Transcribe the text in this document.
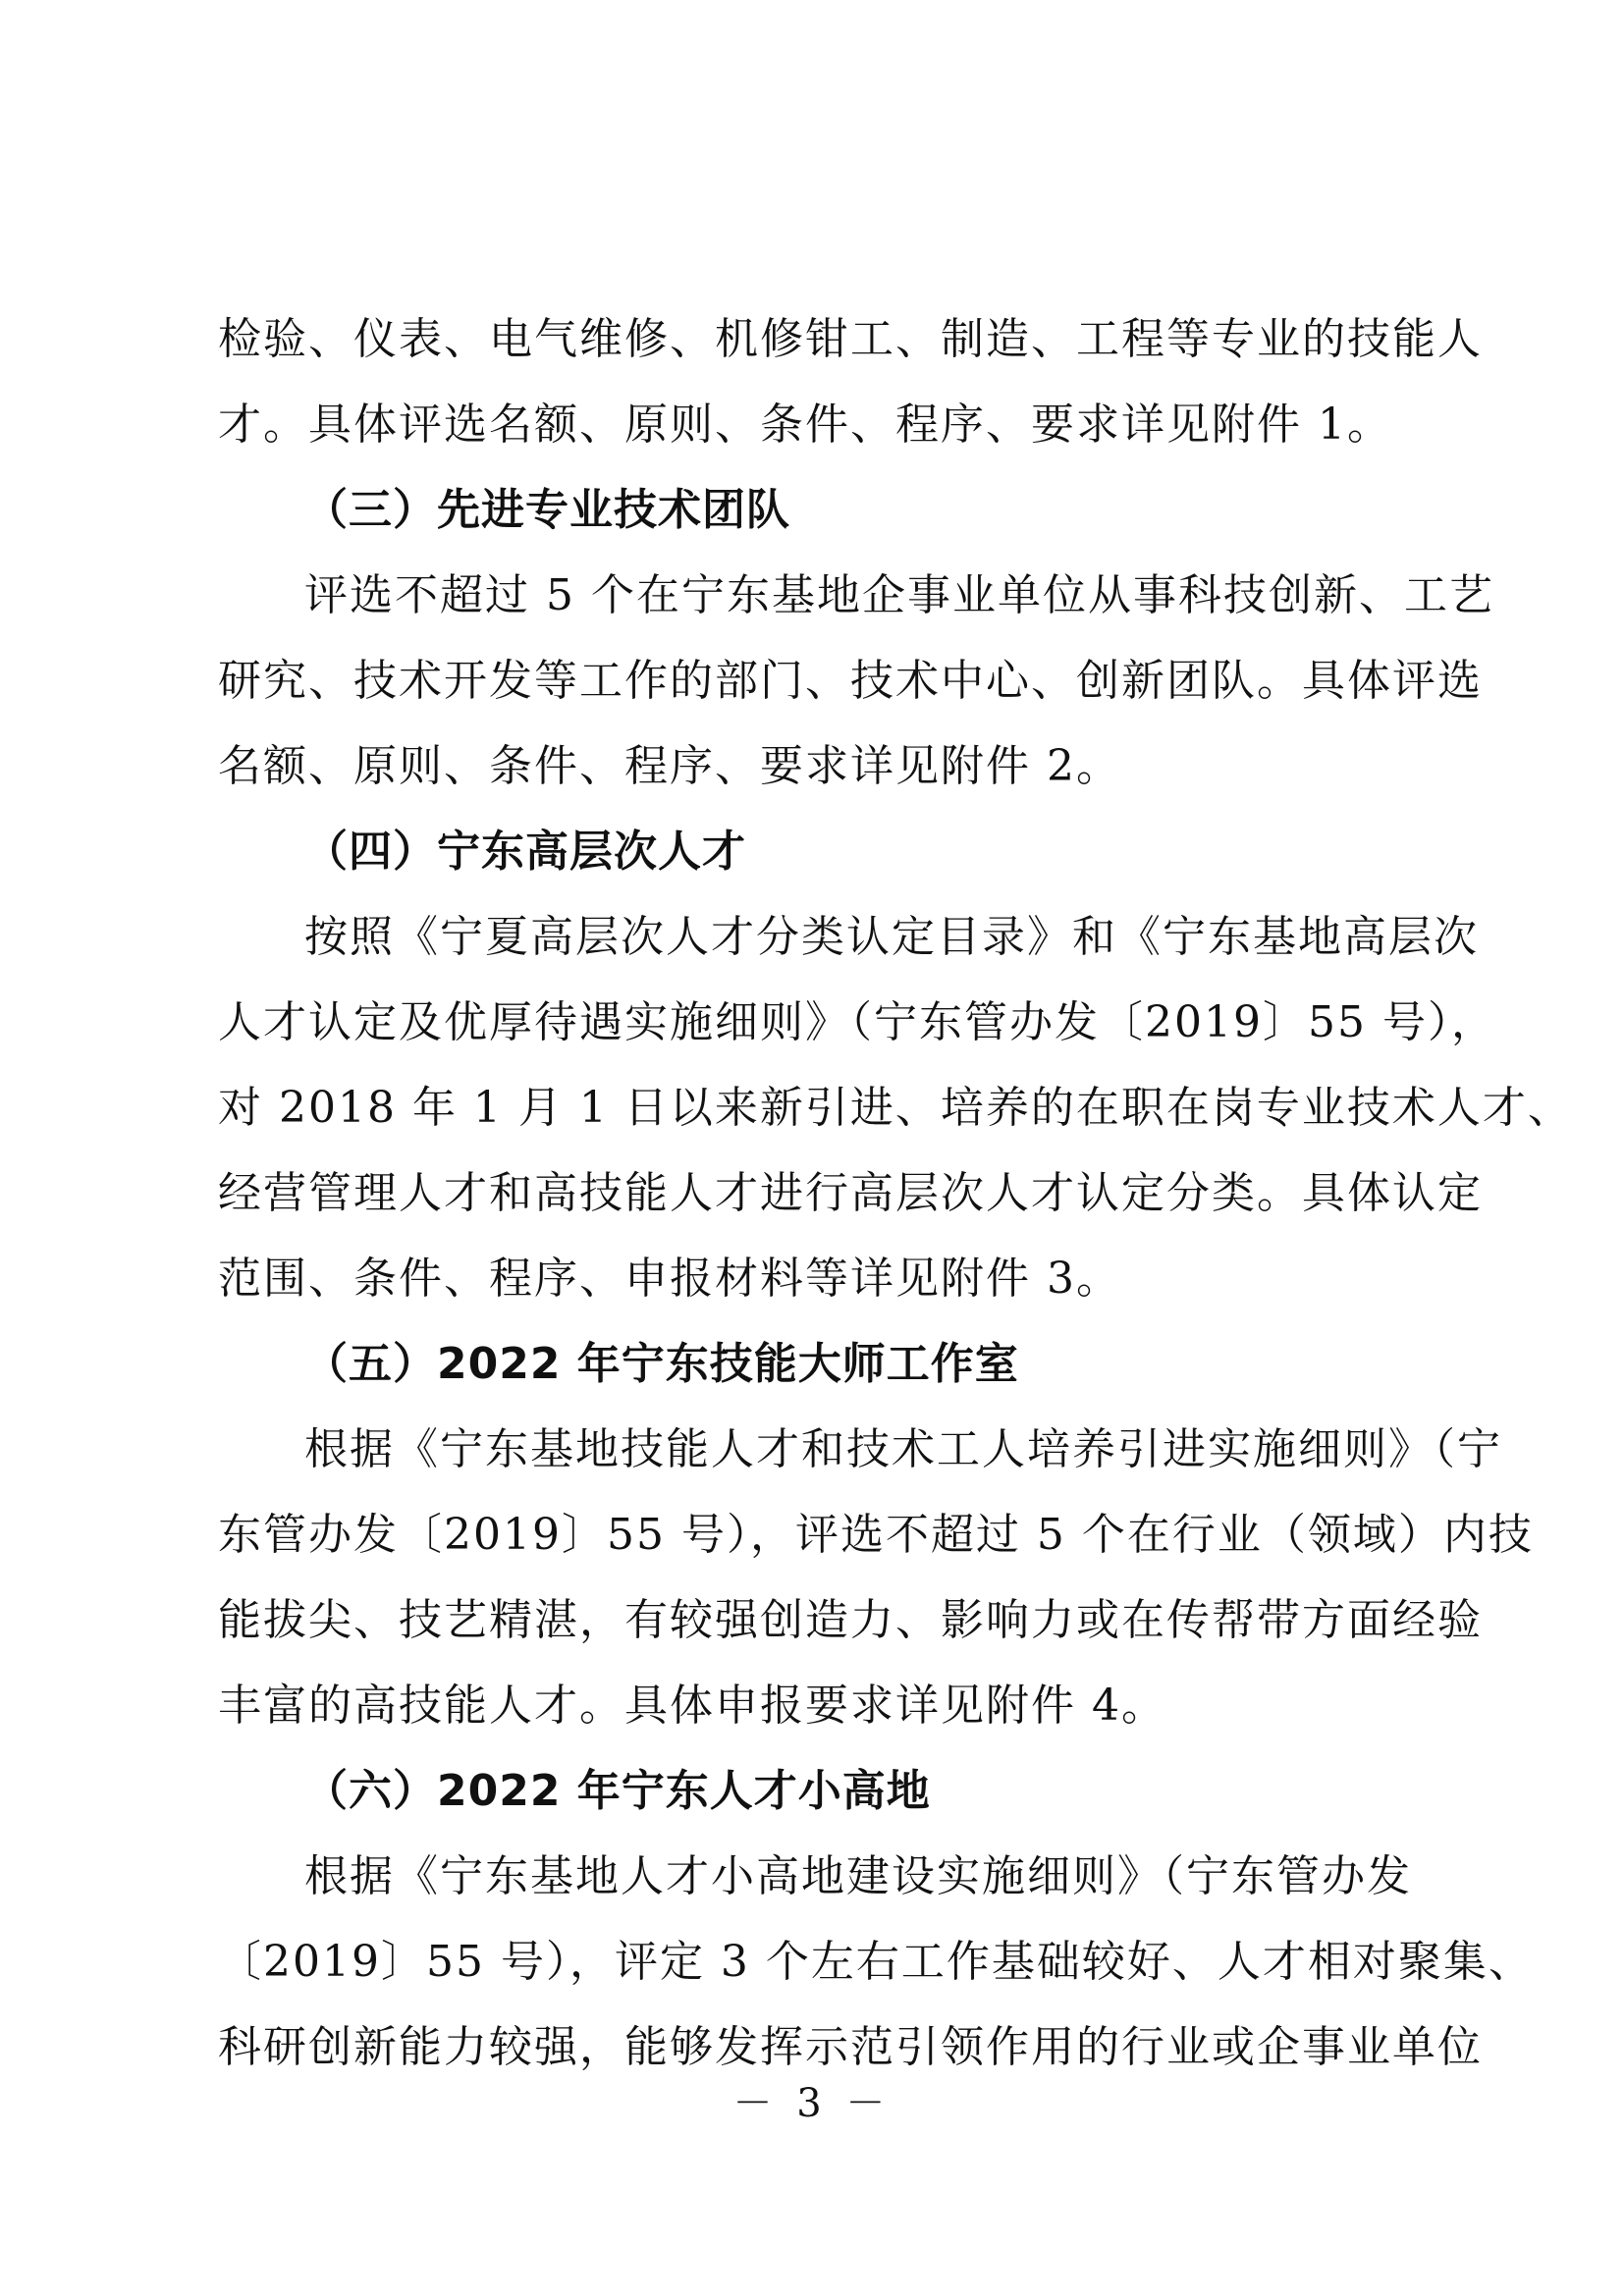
检验、仪表、电气维修、机修钳工、制造、工程等专业的技能人
才。具体评选名额、原则、条件、程序、要求详见附件 1。
（三）先进专业技术团队
评选不超过 5 个在宁东基地企事业单位从事科技创新、工艺
研究、技术开发等工作的部门、技术中心、创新团队。具体评选
名额、原则、条件、程序、要求详见附件 2。
（四）宁东高层次人才
按照《宁夏高层次人才分类认定目录》和《宁东基地高层次
人才认定及优厚待遇实施细则》（宁东管办发〔2019〕55 号），
对 2018 年 1 月 1 日以来新引进、培养的在职在岗专业技术人才、
经营管理人才和高技能人才进行高层次人才认定分类。具体认定
范围、条件、程序、申报材料等详见附件 3。
（五）2022 年宁东技能大师工作室
根据《宁东基地技能人才和技术工人培养引进实施细则》（宁
东管办发〔2019〕55 号），评选不超过 5 个在行业（领域）内技
能拔尖、技艺精湛，有较强创造力、影响力或在传帮带方面经验
丰富的高技能人才。具体申报要求详见附件 4。
（六）2022 年宁东人才小高地
根据《宁东基地人才小高地建设实施细则》（宁东管办发
〔2019〕55 号），评定 3 个左右工作基础较好、人才相对聚集、
科研创新能力较强，能够发挥示范引领作用的行业或企事业单位
－ 3 －
